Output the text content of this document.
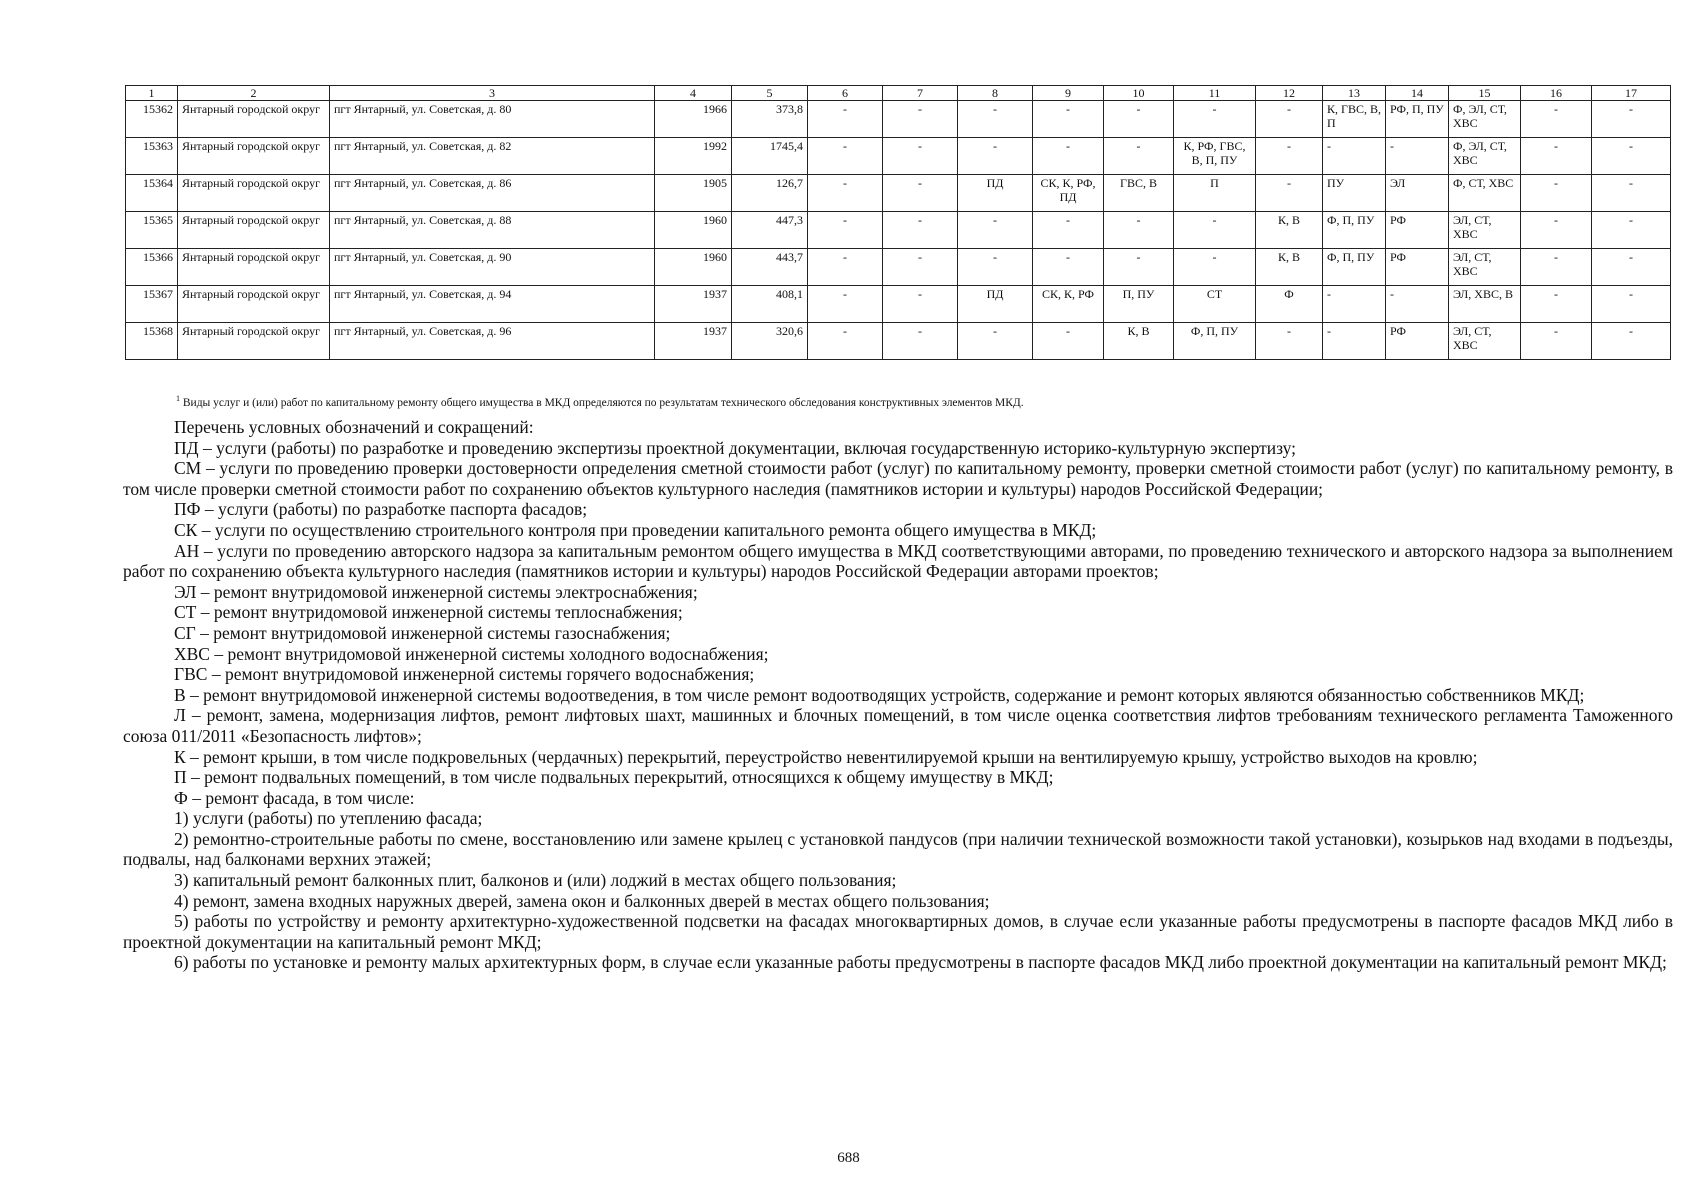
1	2	3	4	5	6	7	8	9	10	11	12	13	14	15	16	17
15362	Янтарный городской округ	пгт Янтарный, ул. Советская, д. 80	1966	373,8	-	-	-	-	-	-	-	К, ГВС, В, П	РФ, П, ПУ	Ф, ЭЛ, СТ, ХВС	-	-
15363	Янтарный городской округ	пгт Янтарный, ул. Советская, д. 82	1992	1745,4	-	-	-	-	-	К, РФ, ГВС, В, П, ПУ	-	-	-	Ф, ЭЛ, СТ, ХВС	-	-
15364	Янтарный городской округ	пгт Янтарный, ул. Советская, д. 86	1905	126,7	-	-	ПД	СК, К, РФ, ПД	ГВС, В	П	-	ПУ	ЭЛ	Ф, СТ, ХВС	-	-
15365	Янтарный городской округ	пгт Янтарный, ул. Советская, д. 88	1960	447,3	-	-	-	-	-	-	К, В	Ф, П, ПУ	РФ	ЭЛ, СТ, ХВС	-	-
15366	Янтарный городской округ	пгт Янтарный, ул. Советская, д. 90	1960	443,7	-	-	-	-	-	-	К, В	Ф, П, ПУ	РФ	ЭЛ, СТ, ХВС	-	-
15367	Янтарный городской округ	пгт Янтарный, ул. Советская, д. 94	1937	408,1	-	-	ПД	СК, К, РФ	П, ПУ	СТ	Ф	-	-	ЭЛ, ХВС, В	-	-
15368	Янтарный городской округ	пгт Янтарный, ул. Советская, д. 96	1937	320,6	-	-	-	-	К, В	Ф, П, ПУ	-	-	РФ	ЭЛ, СТ, ХВС	-	-
$^1$ Виды услуг и (или) работ по капитальному ремонту общего имущества в МКД определяются по результатам технического обследования конструктивных элементов МКД.

Перечень условных обозначений и сокращений:

ПД – услуги (работы) по разработке и проведению экспертизы проектной документации, включая государственную историко-культурную экспертизу;

СМ – услуги по проведению проверки достоверности определения сметной стоимости работ (услуг) по капитальному ремонту, проверки сметной стоимости работ (услуг) по капитальному ремонту, в том числе проверки сметной стоимости работ по сохранению объектов культурного наследия (памятников истории и культуры) народов Российской Федерации;

ПФ – услуги (работы) по разработке паспорта фасадов;

СК – услуги по осуществлению строительного контроля при проведении капитального ремонта общего имущества в МКД;

АН – услуги по проведению авторского надзора за капитальным ремонтом общего имущества в МКД соответствующими авторами, по проведению технического и авторского надзора за выполнением работ по сохранению объекта культурного наследия (памятников истории и культуры) народов Российской Федерации авторами проектов;

ЭЛ – ремонт внутридомовой инженерной системы электроснабжения;

СТ – ремонт внутридомовой инженерной системы теплоснабжения;

СГ – ремонт внутридомовой инженерной системы газоснабжения;

ХВС – ремонт внутридомовой инженерной системы холодного водоснабжения;

ГВС – ремонт внутридомовой инженерной системы горячего водоснабжения;

В – ремонт внутридомовой инженерной системы водоотведения, в том числе ремонт водоотводящих устройств, содержание и ремонт которых являются обязанностью собственников МКД;

Л – ремонт, замена, модернизация лифтов, ремонт лифтовых шахт, машинных и блочных помещений, в том числе оценка соответствия лифтов требованиям технического регламента Таможенного союза 011/2011 «Безопасность лифтов»;

К – ремонт крыши, в том числе подкровельных (чердачных) перекрытий, переустройство невентилируемой крыши на вентилируемую крышу, устройство выходов на кровлю;

П – ремонт подвальных помещений, в том числе подвальных перекрытий, относящихся к общему имуществу в МКД;

Ф – ремонт фасада, в том числе:

1) услуги (работы) по утеплению фасада;

2) ремонтно-строительные работы по смене, восстановлению или замене крылец с установкой пандусов (при наличии технической возможности такой установки), козырьков над входами в подъезды, подвалы, над балконами верхних этажей;

3) капитальный ремонт балконных плит, балконов и (или) лоджий в местах общего пользования;

4) ремонт, замена входных наружных дверей, замена окон и балконных дверей в местах общего пользования;

5) работы по устройству и ремонту архитектурно-художественной подсветки на фасадах многоквартирных домов, в случае если указанные работы предусмотрены в паспорте фасадов МКД либо в проектной документации на капитальный ремонт МКД;

6) работы по установке и ремонту малых архитектурных форм, в случае если указанные работы предусмотрены в паспорте фасадов МКД либо проектной документации на капитальный ремонт МКД;

688
